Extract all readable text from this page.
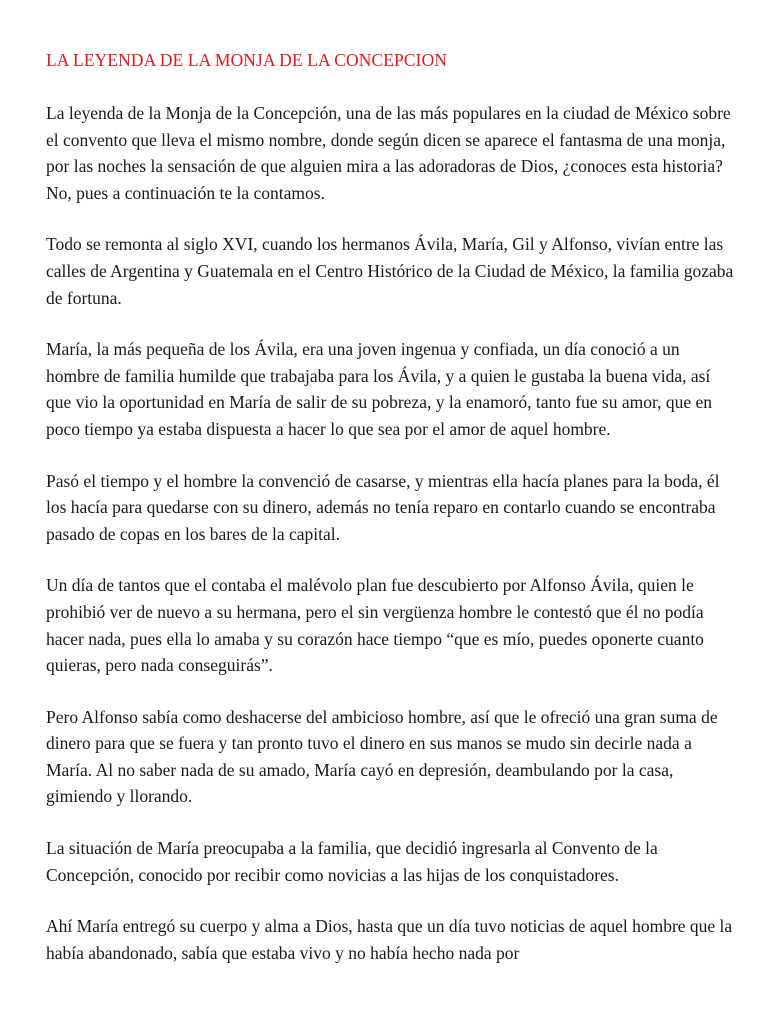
LA LEYENDA DE LA MONJA DE LA CONCEPCION

La leyenda de la Monja de la Concepción, una de las más populares en la ciudad de México sobre el convento que lleva el mismo nombre, donde según dicen se aparece el fantasma de una monja, por las noches la sensación de que alguien mira a las adoradoras de Dios, ¿conoces esta historia? No, pues a continuación te la contamos.

Todo se remonta al siglo XVI, cuando los hermanos Ávila, María, Gil y Alfonso, vivían entre las calles de Argentina y Guatemala en el Centro Histórico de la Ciudad de México, la familia gozaba de fortuna.

María, la más pequeña de los Ávila, era una joven ingenua y confiada, un día conoció a un hombre de familia humilde que trabajaba para los Ávila, y a quien le gustaba la buena vida, así que vio la oportunidad en María de salir de su pobreza, y la enamoró, tanto fue su amor, que en poco tiempo ya estaba dispuesta a hacer lo que sea por el amor de aquel hombre.

Pasó el tiempo y el hombre la convenció de casarse, y mientras ella hacía planes para la boda, él los hacía para quedarse con su dinero, además no tenía reparo en contarlo cuando se encontraba pasado de copas en los bares de la capital.

Un día de tantos que el contaba el malévolo plan fue descubierto por Alfonso Ávila, quien le prohibió ver de nuevo a su hermana, pero el sin vergüenza hombre le contestó que él no podía hacer nada, pues ella lo amaba y su corazón hace tiempo “que es mío, puedes oponerte cuanto quieras, pero nada conseguirás”.

Pero Alfonso sabía como deshacerse del ambicioso hombre, así que le ofreció una gran suma de dinero para que se fuera y tan pronto tuvo el dinero en sus manos se mudo sin decirle nada a María. Al no saber nada de su amado, María cayó en depresión, deambulando por la casa, gimiendo y llorando.

La situación de María preocupaba a la familia, que decidió ingresarla al Convento de la Concepción, conocido por recibir como novicias a las hijas de los conquistadores.

Ahí María entregó su cuerpo y alma a Dios, hasta que un día tuvo noticias de aquel hombre que la había abandonado, sabía que estaba vivo y no había hecho nada por
